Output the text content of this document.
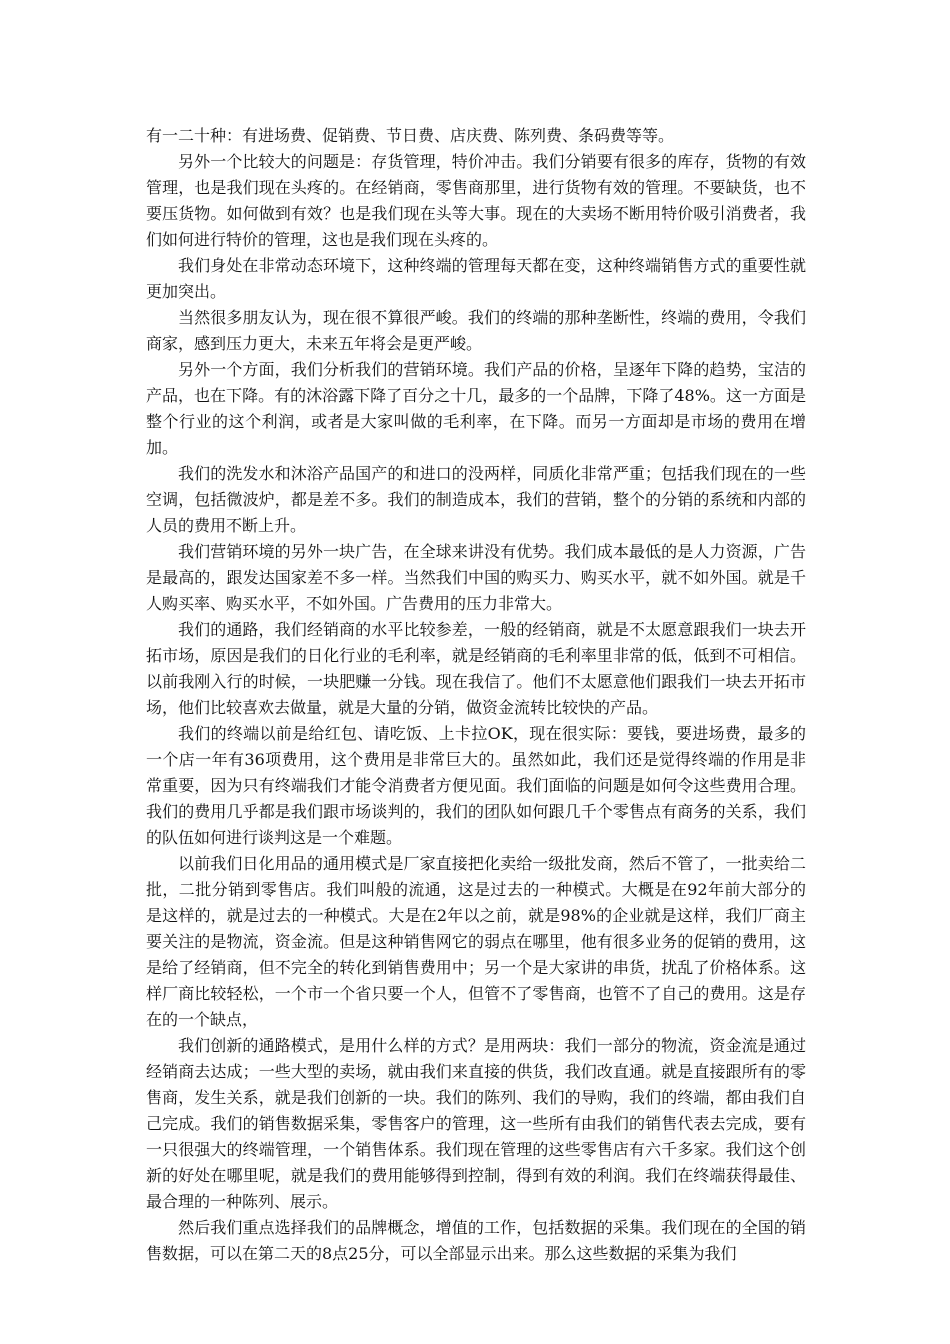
有一二十种：有进场费、促销费、节日费、店庆费、陈列费、条码费等等。

另外一个比较大的问题是：存货管理，特价冲击。我们分销要有很多的库存，货物的有效管理，也是我们现在头疼的。在经销商，零售商那里，进行货物有效的管理。不要缺货，也不要压货物。如何做到有效？也是我们现在头等大事。现在的大卖场不断用特价吸引消费者，我们如何进行特价的管理，这也是我们现在头疼的。

我们身处在非常动态环境下，这种终端的管理每天都在变，这种终端销售方式的重要性就更加突出。

当然很多朋友认为，现在很不算很严峻。我们的终端的那种垄断性，终端的费用，令我们商家，感到压力更大，未来五年将会是更严峻。

另外一个方面，我们分析我们的营销环境。我们产品的价格，呈逐年下降的趋势，宝洁的产品，也在下降。有的沐浴露下降了百分之十几，最多的一个品牌，下降了48%。这一方面是整个行业的这个利润，或者是大家叫做的毛利率，在下降。而另一方面却是市场的费用在增加。

我们的洗发水和沐浴产品国产的和进口的没两样，同质化非常严重；包括我们现在的一些空调，包括微波炉，都是差不多。我们的制造成本，我们的营销，整个的分销的系统和内部的人员的费用不断上升。

我们营销环境的另外一块广告，在全球来讲没有优势。我们成本最低的是人力资源，广告是最高的，跟发达国家差不多一样。当然我们中国的购买力、购买水平，就不如外国。就是千人购买率、购买水平，不如外国。广告费用的压力非常大。

我们的通路，我们经销商的水平比较参差，一般的经销商，就是不太愿意跟我们一块去开拓市场，原因是我们的日化行业的毛利率，就是经销商的毛利率里非常的低，低到不可相信。以前我刚入行的时候，一块肥赚一分钱。现在我信了。他们不太愿意他们跟我们一块去开拓市场，他们比较喜欢去做量，就是大量的分销，做资金流转比较快的产品。

我们的终端以前是给红包、请吃饭、上卡拉OK，现在很实际：要钱，要进场费，最多的一个店一年有36项费用，这个费用是非常巨大的。虽然如此，我们还是觉得终端的作用是非常重要，因为只有终端我们才能令消费者方便见面。我们面临的问题是如何令这些费用合理。我们的费用几乎都是我们跟市场谈判的，我们的团队如何跟几千个零售点有商务的关系，我们的队伍如何进行谈判这是一个难题。

以前我们日化用品的通用模式是厂家直接把化卖给一级批发商，然后不管了，一批卖给二批，二批分销到零售店。我们叫般的流通，这是过去的一种模式。大概是在92年前大部分的是这样的，就是过去的一种模式。大是在2年以之前，就是98%的企业就是这样，我们厂商主要关注的是物流，资金流。但是这种销售网它的弱点在哪里，他有很多业务的促销的费用，这是给了经销商，但不完全的转化到销售费用中；另一个是大家讲的串货，扰乱了价格体系。这样厂商比较轻松，一个市一个省只要一个人，但管不了零售商，也管不了自己的费用。这是存在的一个缺点，

我们创新的通路模式，是用什么样的方式？是用两块：我们一部分的物流，资金流是通过经销商去达成；一些大型的卖场，就由我们来直接的供货，我们改直通。就是直接跟所有的零售商，发生关系，就是我们创新的一块。我们的陈列、我们的导购，我们的终端，都由我们自己完成。我们的销售数据采集，零售客户的管理，这一些所有由我们的销售代表去完成，要有一只很强大的终端管理，一个销售体系。我们现在管理的这些零售店有六千多家。我们这个创新的好处在哪里呢，就是我们的费用能够得到控制，得到有效的利润。我们在终端获得最佳、最合理的一种陈列、展示。

然后我们重点选择我们的品牌概念，增值的工作，包括数据的采集。我们现在的全国的销售数据，可以在第二天的8点25分，可以全部显示出来。那么这些数据的采集为我们
